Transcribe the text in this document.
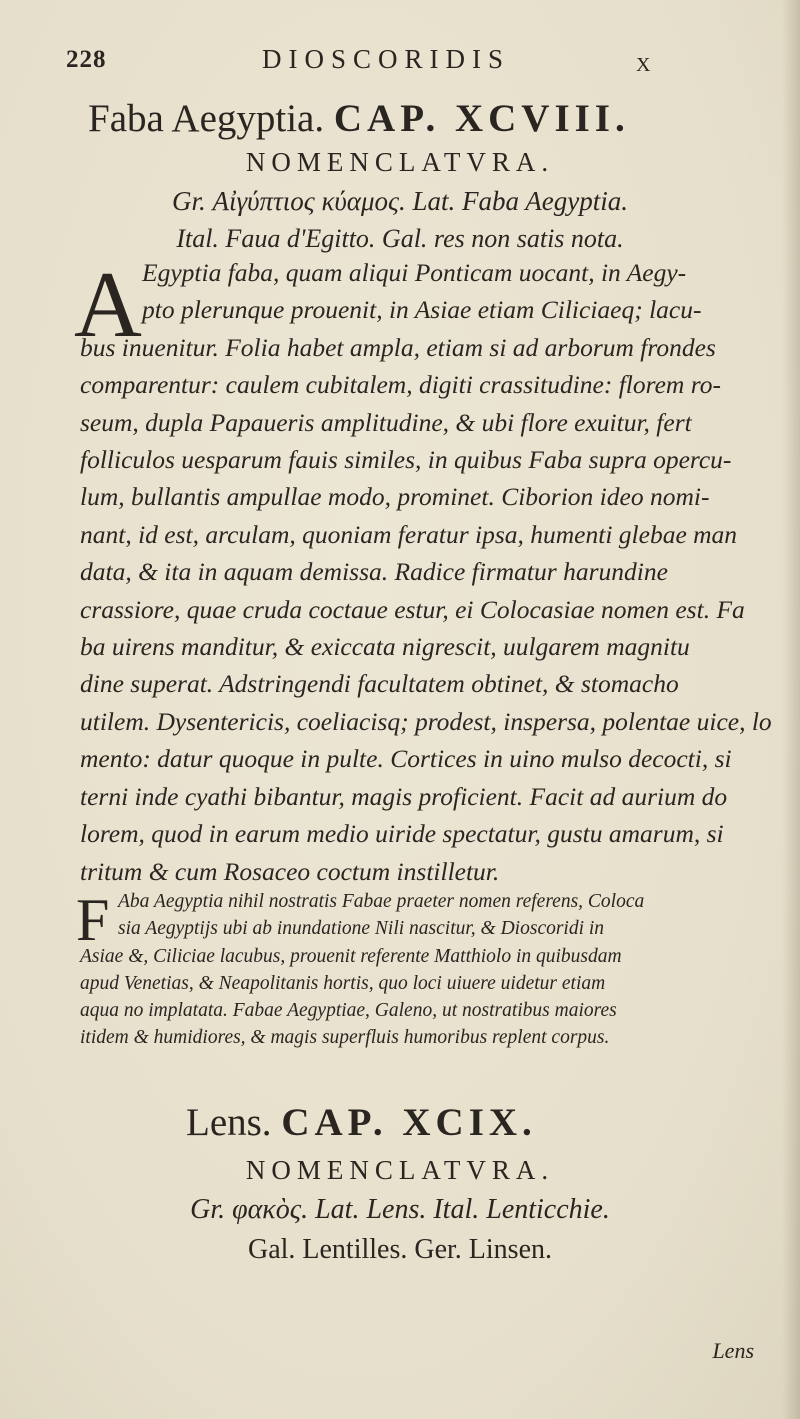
228	DIOSCORIDIS	X
Faba Aegyptia. CAP. XCVIII.
NOMENCLATVRA.
Gr. Αἰγύπτιος κύαμος. Lat. Faba Aegyptia.
Ital. Faua d'Egitto. Gal. res non satis nota.
A Egyptia faba, quam aliqui Ponticam uocant, in Aegy-
pto plerunque prouenit, in Asiae etiam Ciliciaeq; lacu-
bus inuenitur. Folia habet ampla, etiam si ad arborum frondes
comparentur: caulem cubitalem, digiti crassitudine: florem ro-
seum, dupla Papaueris amplitudine, & ubi flore exuitur, fert
folliculos uesparum fauis similes, in quibus Faba supra opercu-
lum, bullantis ampullae modo, prominet. Ciborion ideo nomi-
nant, id est, arculam, quoniam feratur ipsa, humenti glebae man
data, & ita in aquam demissa. Radice firmatur harundine
crassiore, quae cruda coctaue estur, ei Colocasiae nomen est. Fa
ba uirens manditur, & exiccata nigrescit, uulgarem magnitu
dine superat. Adstringendi facultatem obtinet, & stomacho
utilem. Dysentericis, coeliacisq; prodest, inspersa, polentae uice, lo
mento: datur quoque in pulte. Cortices in uino mulso decocti, si
terni inde cyathi bibantur, magis proficient. Facit ad aurium do
lorem, quod in earum medio uiride spectatur, gustu amarum, si
tritum & cum Rosaceo coctum instilletur.
F Aba Aegyptia nihil nostratis Fabae praeter nomen referens, Coloca
sia Aegyptijs ubi ab inundatione Nili nascitur, & Dioscoridi in
Asiae &, Ciliciae lacubus, prouenit referente Matthiolo in quibusdam
apud Venetias, & Neapolitanis hortis, quo loci uiuere uidetur etiam
aqua no implatata. Fabae Aegyptiae, Galeno, ut nostratibus maiores
itidem & humidiores, & magis superfluis humoribus replent corpus.
Lens. CAP. XCIX.
NOMENCLATVRA.
Gr. φακὸς. Lat. Lens. Ital. Lenticchie.
Gal. Lentilles. Ger. Linsen.
Lens
